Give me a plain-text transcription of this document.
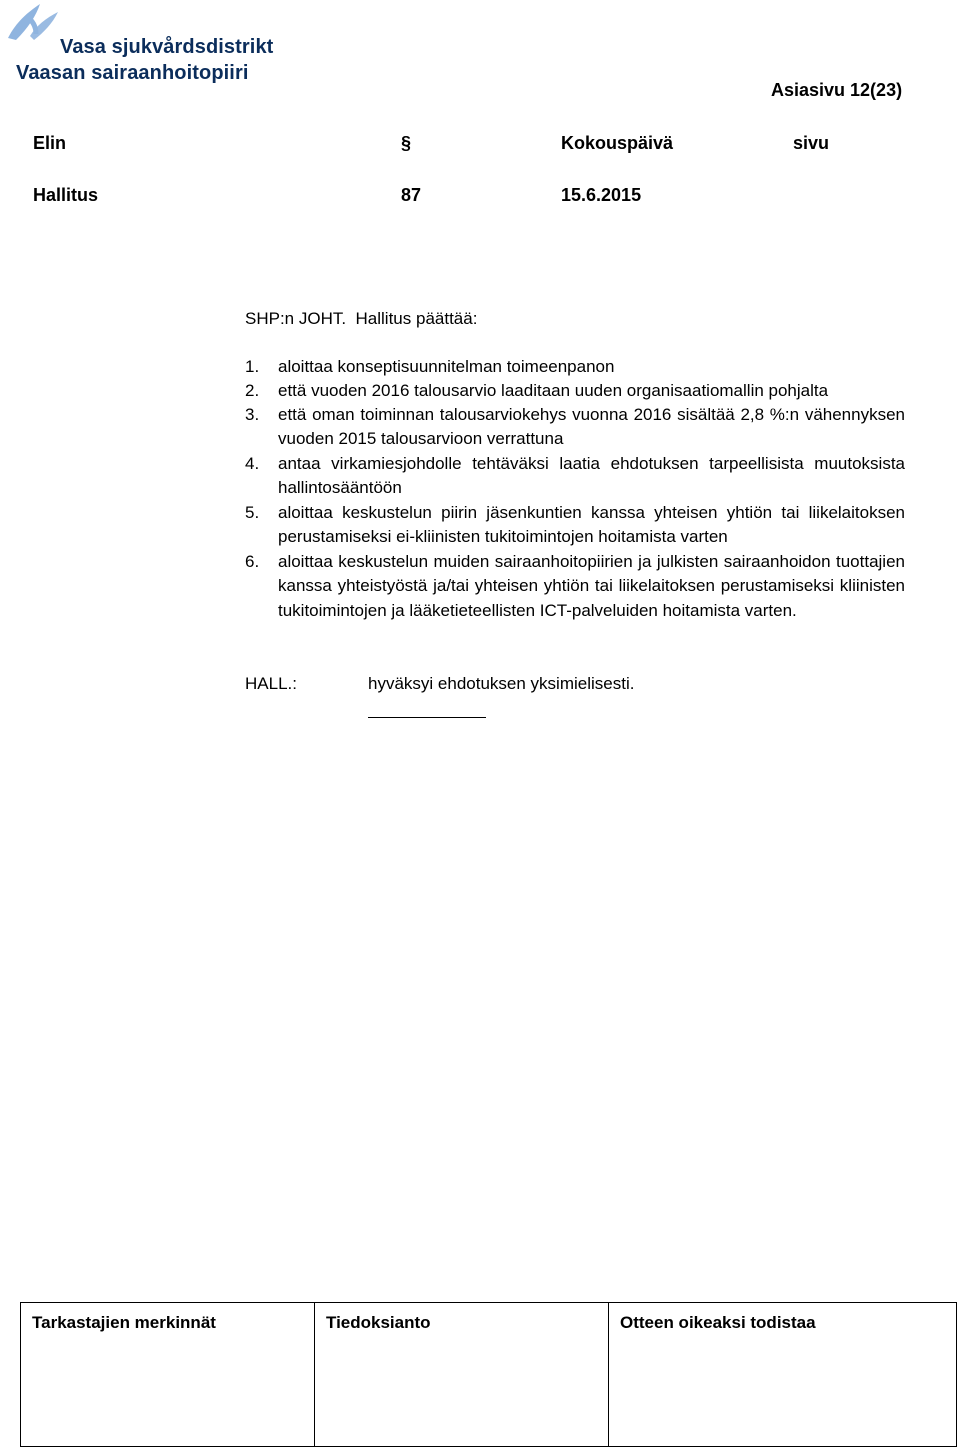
Vasa sjukvårdsdistrikt
Vaasan sairaanhoitopiiri
Asiasivu 12(23)
Elin	§	Kokouspäivä	sivu
Hallitus	87	15.6.2015
SHP:n JOHT.  Hallitus päättää:
1. aloittaa konseptisuunnitelman toimeenpanon
2. että vuoden 2016 talousarvio laaditaan uuden organisaatiomallin pohjalta
3. että oman toiminnan talousarviokehys vuonna 2016 sisältää 2,8 %:n vähennyksen vuoden 2015 talousarvioon verrattuna
4. antaa virkamiesjohdolle tehtäväksi laatia ehdotuksen tarpeellisista muutoksista hallintosääntöön
5. aloittaa keskustelun piirin jäsenkuntien kanssa yhteisen yhtiön tai liikelaitoksen perustamiseksi ei-kliinisten tukitoimintojen hoitamista varten
6. aloittaa keskustelun muiden sairaanhoitopiirien ja julkisten sairaanhoidon tuottajien kanssa yhteistyöstä ja/tai yhteisen yhtiön tai liikelaitoksen perustamiseksi kliinisten tukitoimintojen ja lääketieteellisten ICT-palveluiden hoitamista varten.
HALL.:	hyväksyi ehdotuksen yksimielisesti.
Tarkastajien merkinnät	Tiedoksianto	Otteen oikeaksi todistaa
